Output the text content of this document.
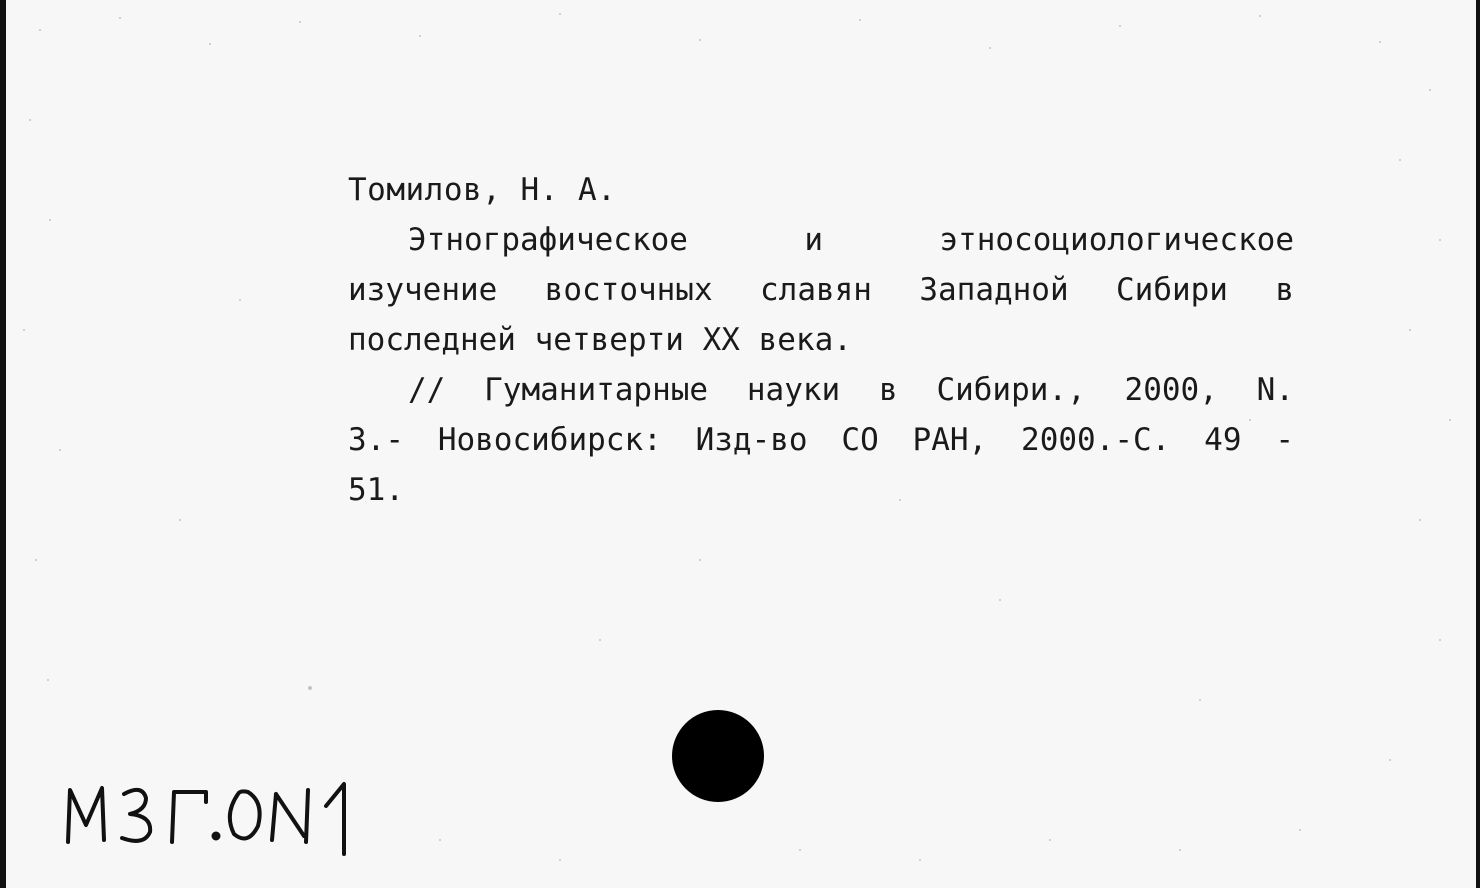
Томилов, Н. А.
Этнографическое и этносоциологическое
изучение восточных славян Западной Сибири в
последней четверти XX века.
// Гуманитарные науки в Сибири., 2000, N.
3.- Новосибирск: Изд-во СО РАН, 2000.-С. 49 -
51.
